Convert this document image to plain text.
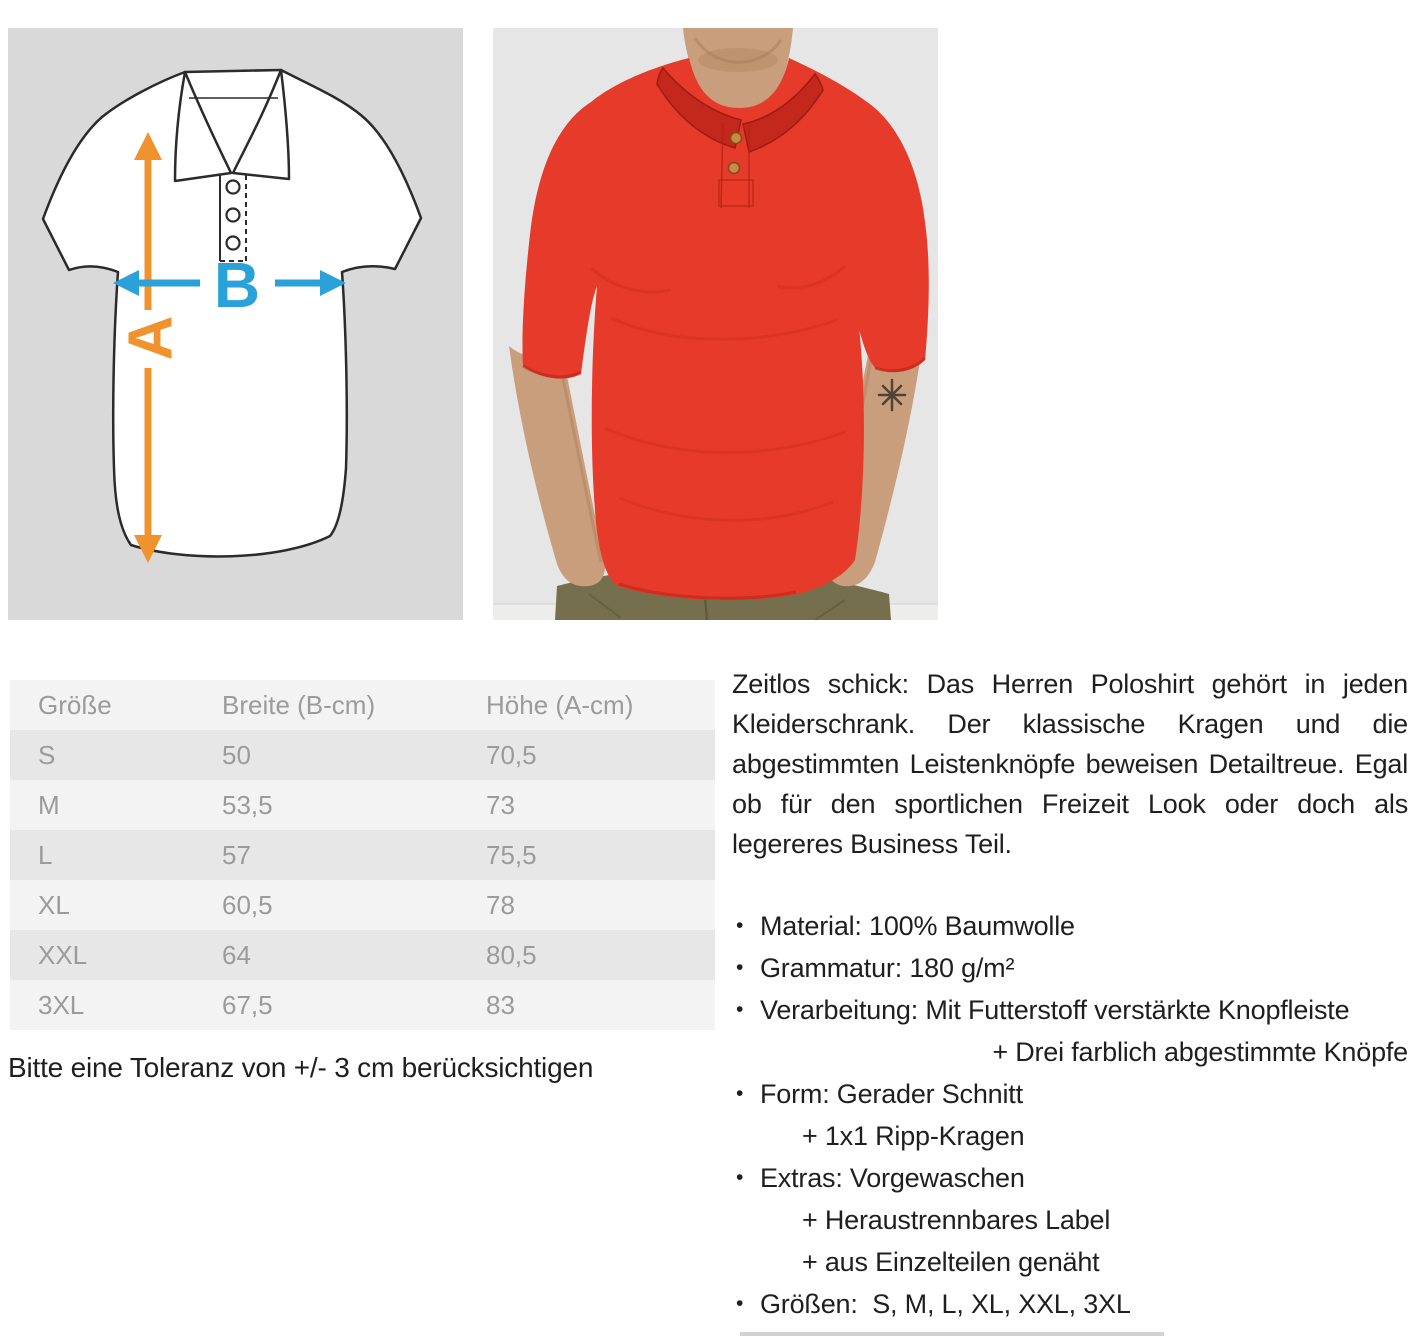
A
B
Größe	Breite (B-cm)	Höhe (A-cm)
S	50	70,5
M	53,5	73
L	57	75,5
XL	60,5	78
XXL	64	80,5
3XL	67,5	83
Bitte eine Toleranz von +/- 3 cm berücksichtigen

Zeitlos schick: Das Herren Poloshirt gehört in jeden Kleiderschrank. Der klassische Kragen und die abgestimmten Leistenknöpfe beweisen Detailtreue. Egal ob für den sportlichen Freizeit Look oder doch als legereres Business Teil.

•
Material: 100% Baumwolle
•
Grammatur: 180 g/m²
•
Verarbeitung: Mit Futterstoff verstärkte Knopfleiste
+ Drei farblich abgestimmte Knöpfe
•
Form: Gerader Schnitt
+ 1x1 Ripp-Kragen
•
Extras: Vorgewaschen
+ Heraustrennbares Label
+ aus Einzelteilen genäht
•
Größen:  S, M, L, XL, XXL, 3XL
